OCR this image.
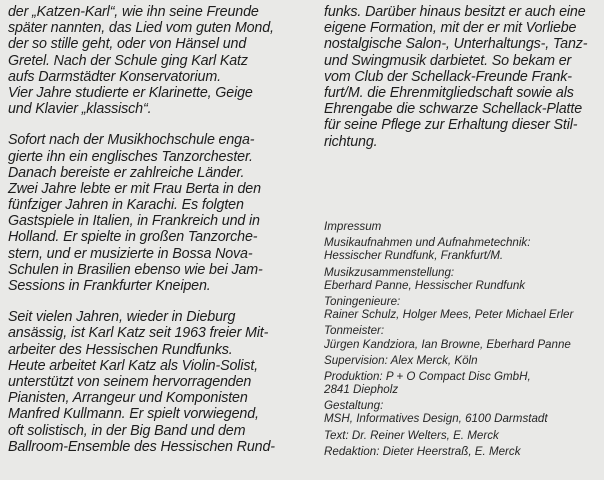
der „Katzen-Karl“, wie ihn seine Freunde
später nannten, das Lied vom guten Mond,
der so stille geht, oder von Hänsel und
Gretel. Nach der Schule ging Karl Katz
aufs Darmstädter Konservatorium.
Vier Jahre studierte er Klarinette, Geige
und Klavier „klassisch“.
Sofort nach der Musikhochschule enga-
gierte ihn ein englisches Tanzorchester.
Danach bereiste er zahlreiche Länder.
Zwei Jahre lebte er mit Frau Berta in den
fünfziger Jahren in Karachi. Es folgten
Gastspiele in Italien, in Frankreich und in
Holland. Er spielte in großen Tanzorche-
stern, und er musizierte in Bossa Nova-
Schulen in Brasilien ebenso wie bei Jam-
Sessions in Frankfurter Kneipen.
Seit vielen Jahren, wieder in Dieburg
ansässig, ist Karl Katz seit 1963 freier Mit-
arbeiter des Hessischen Rundfunks.
Heute arbeitet Karl Katz als Violin-Solist,
unterstützt von seinem hervorragenden
Pianisten, Arrangeur und Komponisten
Manfred Kullmann. Er spielt vorwiegend,
oft solistisch, in der Big Band und dem
Ballroom-Ensemble des Hessischen Rund-
funks. Darüber hinaus besitzt er auch eine
eigene Formation, mit der er mit Vorliebe
nostalgische Salon-, Unterhaltungs-, Tanz-
und Swingmusik darbietet. So bekam er
vom Club der Schellack-Freunde Frank-
furt/M. die Ehrenmitgliedschaft sowie als
Ehrengabe die schwarze Schellack-Platte
für seine Pflege zur Erhaltung dieser Stil-
richtung.
Impressum
Musikaufnahmen und Aufnahmetechnik:
Hessischer Rundfunk, Frankfurt/M.
Musikzusammenstellung:
Eberhard Panne, Hessischer Rundfunk
Toningenieure:
Rainer Schulz, Holger Mees, Peter Michael Erler
Tonmeister:
Jürgen Kandziora, Ian Browne, Eberhard Panne
Supervision: Alex Merck, Köln
Produktion: P + O Compact Disc GmbH,
2841 Diepholz
Gestaltung:
MSH, Informatives Design, 6100 Darmstadt
Text: Dr. Reiner Welters, E. Merck
Redaktion: Dieter Heerstraß, E. Merck
